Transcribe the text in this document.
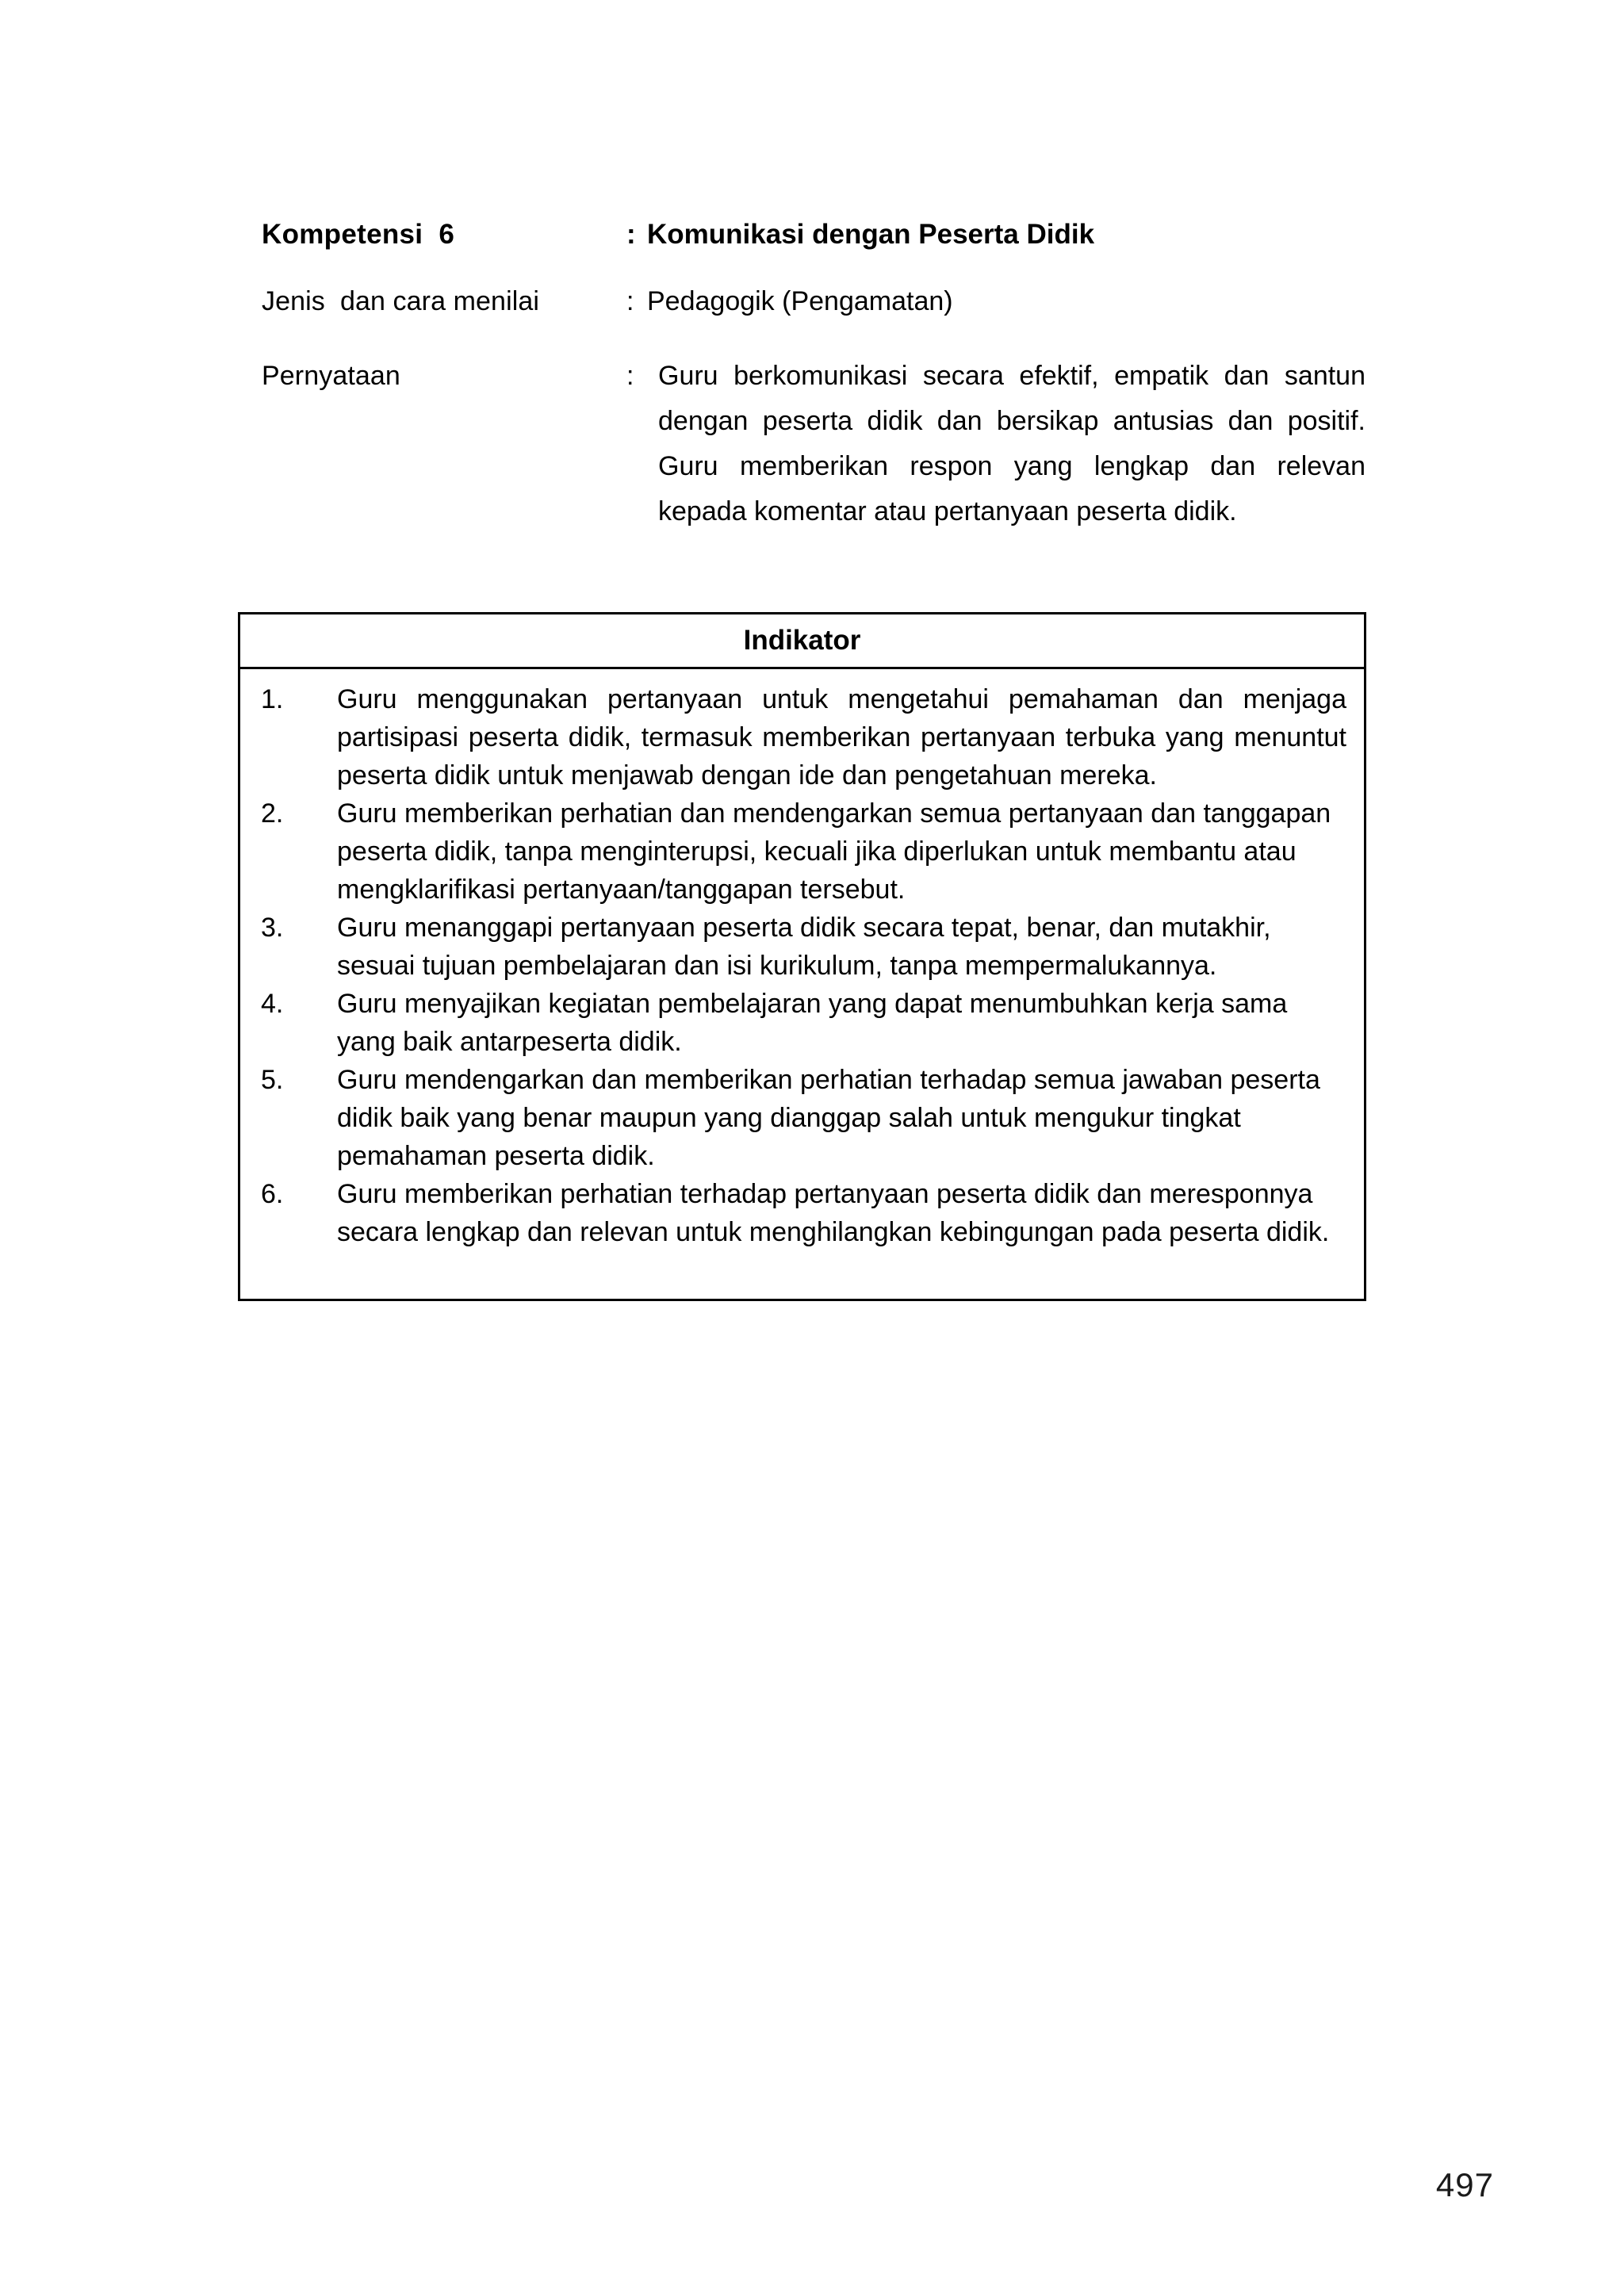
Kompetensi  6	: Komunikasi dengan Peserta Didik
Jenis  dan cara menilai	: Pedagogik (Pengamatan)
Pernyataan	: Guru berkomunikasi secara efektif, empatik dan santun dengan peserta didik dan bersikap antusias dan positif. Guru memberikan respon yang lengkap dan relevan kepada komentar atau pertanyaan peserta didik.
Indikator
1.	Guru menggunakan pertanyaan untuk mengetahui pemahaman dan menjaga partisipasi peserta didik, termasuk memberikan pertanyaan terbuka yang menuntut peserta didik untuk menjawab dengan ide dan pengetahuan mereka.
2.	Guru memberikan perhatian dan mendengarkan semua pertanyaan dan tanggapan peserta didik, tanpa menginterupsi, kecuali jika diperlukan untuk membantu atau mengklarifikasi pertanyaan/tanggapan tersebut.
3.	Guru menanggapi pertanyaan peserta didik secara tepat, benar, dan mutakhir, sesuai tujuan pembelajaran dan isi kurikulum, tanpa mempermalukannya.
4.	Guru menyajikan kegiatan pembelajaran yang dapat menumbuhkan kerja sama yang baik antarpeserta didik.
5.	Guru mendengarkan dan memberikan perhatian terhadap semua jawaban peserta didik baik yang benar maupun yang dianggap salah untuk mengukur tingkat pemahaman peserta didik.
6.	Guru memberikan perhatian terhadap pertanyaan peserta didik dan meresponnya secara lengkap dan relevan untuk menghilangkan kebingungan pada peserta didik.
497
